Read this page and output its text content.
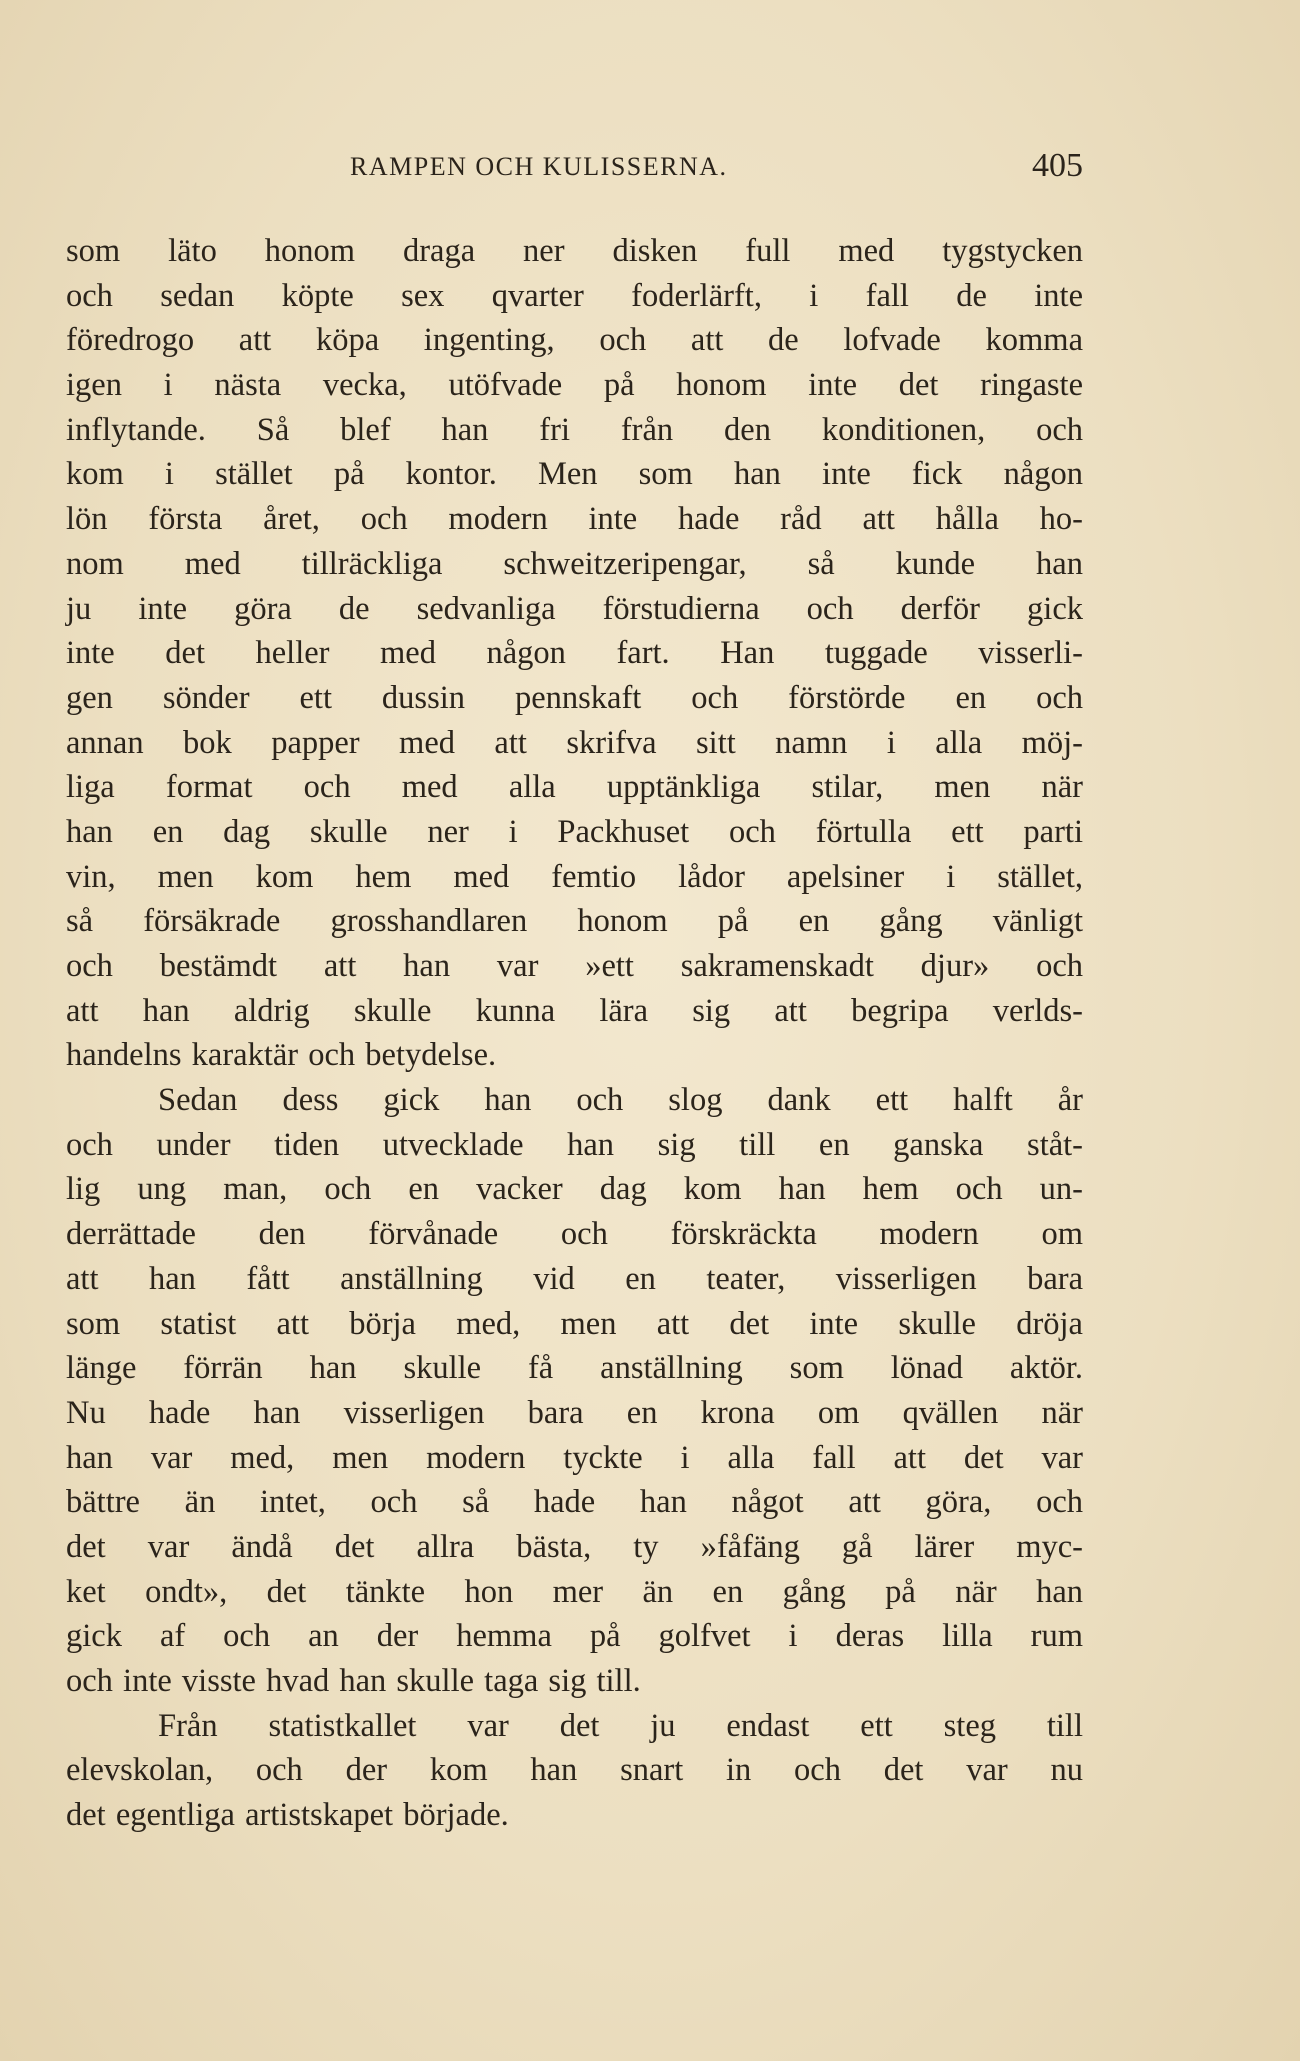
RAMPEN OCH KULISSERNA.	405
som läto honom draga ner disken full med tygstycken
och sedan köpte sex qvarter foderlärft, i fall de inte
föredrogo att köpa ingenting, och att de lofvade komma
igen i nästa vecka, utöfvade på honom inte det ringaste
inflytande. Så blef han fri från den konditionen, och
kom i stället på kontor. Men som han inte fick någon
lön första året, och modern inte hade råd att hålla ho-
nom med tillräckliga schweitzeripengar, så kunde han
ju inte göra de sedvanliga förstudierna och derför gick
inte det heller med någon fart. Han tuggade visserli-
gen sönder ett dussin pennskaft och förstörde en och
annan bok papper med att skrifva sitt namn i alla möj-
liga format och med alla upptänkliga stilar, men när
han en dag skulle ner i Packhuset och förtulla ett parti
vin, men kom hem med femtio lådor apelsiner i stället,
så försäkrade grosshandlaren honom på en gång vänligt
och bestämdt att han var »ett sakramenskadt djur» och
att han aldrig skulle kunna lära sig att begripa verlds-
handelns karaktär och betydelse.
Sedan dess gick han och slog dank ett halft år
och under tiden utvecklade han sig till en ganska ståt-
lig ung man, och en vacker dag kom han hem och un-
derrättade den förvånade och förskräckta modern om
att han fått anställning vid en teater, visserligen bara
som statist att börja med, men att det inte skulle dröja
länge förrän han skulle få anställning som lönad aktör.
Nu hade han visserligen bara en krona om qvällen när
han var med, men modern tyckte i alla fall att det var
bättre än intet, och så hade han något att göra, och
det var ändå det allra bästa, ty »fåfäng gå lärer myc-
ket ondt», det tänkte hon mer än en gång på när han
gick af och an der hemma på golfvet i deras lilla rum
och inte visste hvad han skulle taga sig till.
Från statistkallet var det ju endast ett steg till
elevskolan, och der kom han snart in och det var nu
det egentliga artistskapet började.
